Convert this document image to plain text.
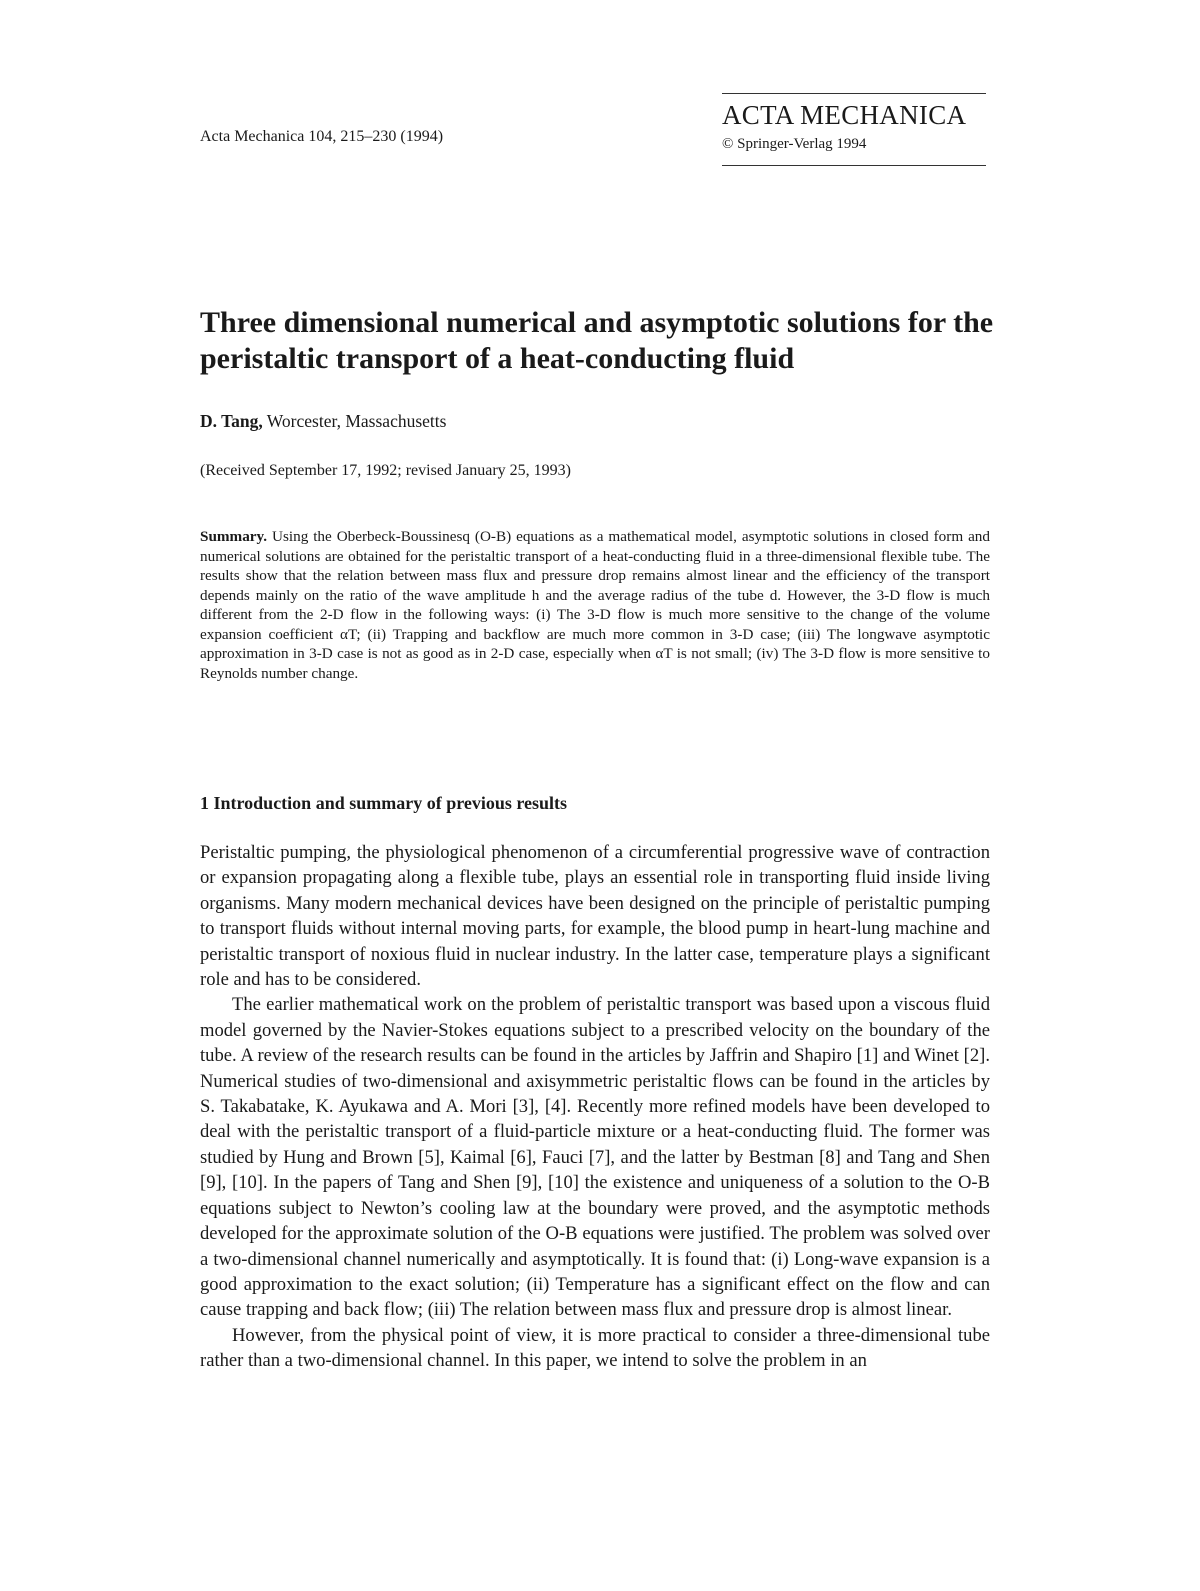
Acta Mechanica 104, 215–230 (1994)
ACTA MECHANICA
© Springer-Verlag 1994
Three dimensional numerical and asymptotic solutions for the peristaltic transport of a heat-conducting fluid
D. Tang, Worcester, Massachusetts
(Received September 17, 1992; revised January 25, 1993)
Summary. Using the Oberbeck-Boussinesq (O-B) equations as a mathematical model, asymptotic solutions in closed form and numerical solutions are obtained for the peristaltic transport of a heat-conducting fluid in a three-dimensional flexible tube. The results show that the relation between mass flux and pressure drop remains almost linear and the efficiency of the transport depends mainly on the ratio of the wave amplitude h and the average radius of the tube d. However, the 3-D flow is much different from the 2-D flow in the following ways: (i) The 3-D flow is much more sensitive to the change of the volume expansion coefficient αT; (ii) Trapping and backflow are much more common in 3-D case; (iii) The longwave asymptotic approximation in 3-D case is not as good as in 2-D case, especially when αT is not small; (iv) The 3-D flow is more sensitive to Reynolds number change.
1 Introduction and summary of previous results

Peristaltic pumping, the physiological phenomenon of a circumferential progressive wave of contraction or expansion propagating along a flexible tube, plays an essential role in transporting fluid inside living organisms. Many modern mechanical devices have been designed on the principle of peristaltic pumping to transport fluids without internal moving parts, for example, the blood pump in heart-lung machine and peristaltic transport of noxious fluid in nuclear industry. In the latter case, temperature plays a significant role and has to be considered.

The earlier mathematical work on the problem of peristaltic transport was based upon a viscous fluid model governed by the Navier-Stokes equations subject to a prescribed velocity on the boundary of the tube. A review of the research results can be found in the articles by Jaffrin and Shapiro [1] and Winet [2]. Numerical studies of two-dimensional and axisymmetric peristaltic flows can be found in the articles by S. Takabatake, K. Ayukawa and A. Mori [3], [4]. Recently more refined models have been developed to deal with the peristaltic transport of a fluid-particle mixture or a heat-conducting fluid. The former was studied by Hung and Brown [5], Kaimal [6], Fauci [7], and the latter by Bestman [8] and Tang and Shen [9], [10]. In the papers of Tang and Shen [9], [10] the existence and uniqueness of a solution to the O-B equations subject to Newton’s cooling law at the boundary were proved, and the asymptotic methods developed for the approximate solution of the O-B equations were justified. The problem was solved over a two-dimensional channel numerically and asymptotically. It is found that: (i) Long-wave expansion is a good approximation to the exact solution; (ii) Temperature has a significant effect on the flow and can cause trapping and back flow; (iii) The relation between mass flux and pressure drop is almost linear.

However, from the physical point of view, it is more practical to consider a three-dimensional tube rather than a two-dimensional channel. In this paper, we intend to solve the problem in an
